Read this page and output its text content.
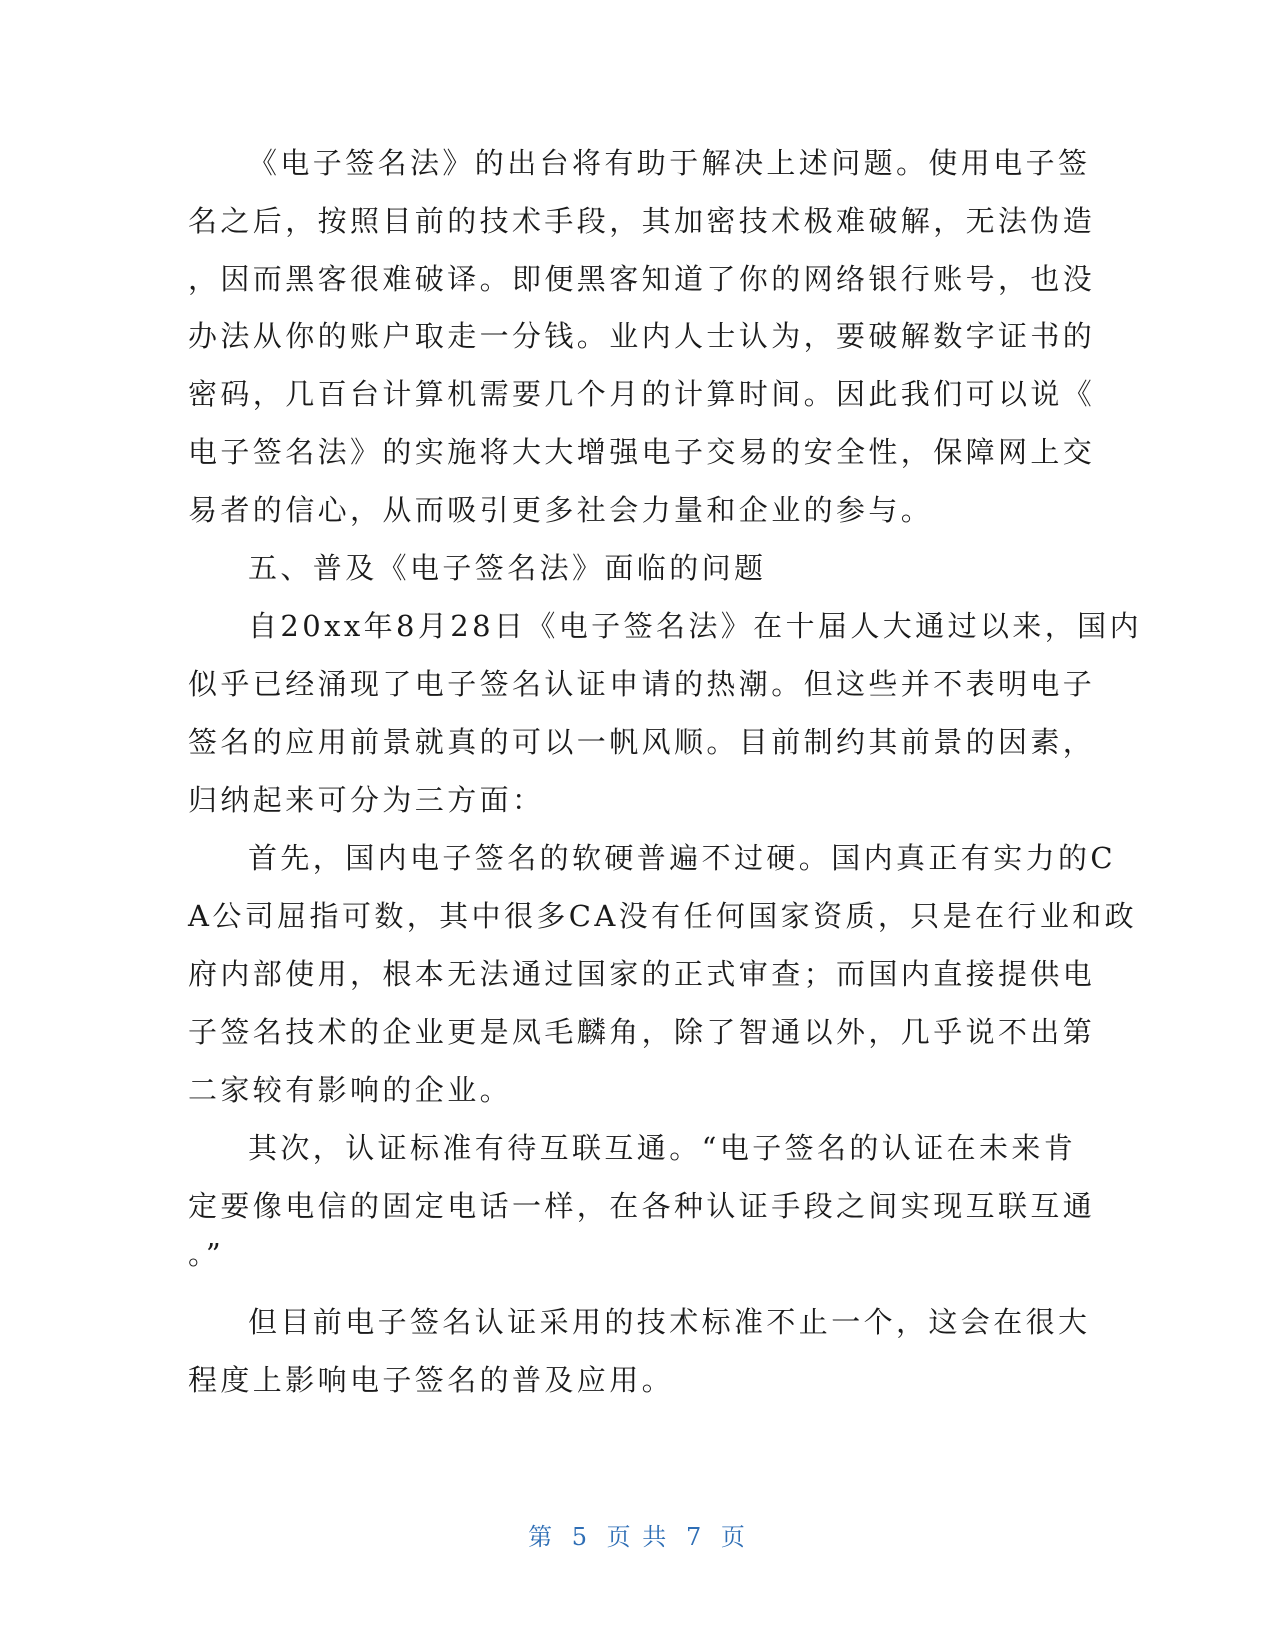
《电子签名法》的出台将有助于解决上述问题。使用电子签
名之后，按照目前的技术手段，其加密技术极难破解，无法伪造
，因而黑客很难破译。即便黑客知道了你的网络银行账号，也没
办法从你的账户取走一分钱。业内人士认为，要破解数字证书的
密码，几百台计算机需要几个月的计算时间。因此我们可以说《
电子签名法》的实施将大大增强电子交易的安全性，保障网上交
易者的信心，从而吸引更多社会力量和企业的参与。
五、普及《电子签名法》面临的问题
自20xx年8月28日《电子签名法》在十届人大通过以来，国内
似乎已经涌现了电子签名认证申请的热潮。但这些并不表明电子
签名的应用前景就真的可以一帆风顺。目前制约其前景的因素，
归纳起来可分为三方面：
首先，国内电子签名的软硬普遍不过硬。国内真正有实力的C
A公司屈指可数，其中很多CA没有任何国家资质，只是在行业和政
府内部使用，根本无法通过国家的正式审查；而国内直接提供电
子签名技术的企业更是凤毛麟角，除了智通以外，几乎说不出第
二家较有影响的企业。
其次，认证标准有待互联互通。“电子签名的认证在未来肯
定要像电信的固定电话一样，在各种认证手段之间实现互联互通
。”
但目前电子签名认证采用的技术标准不止一个，这会在很大
程度上影响电子签名的普及应用。
第 5 页 共 7 页
